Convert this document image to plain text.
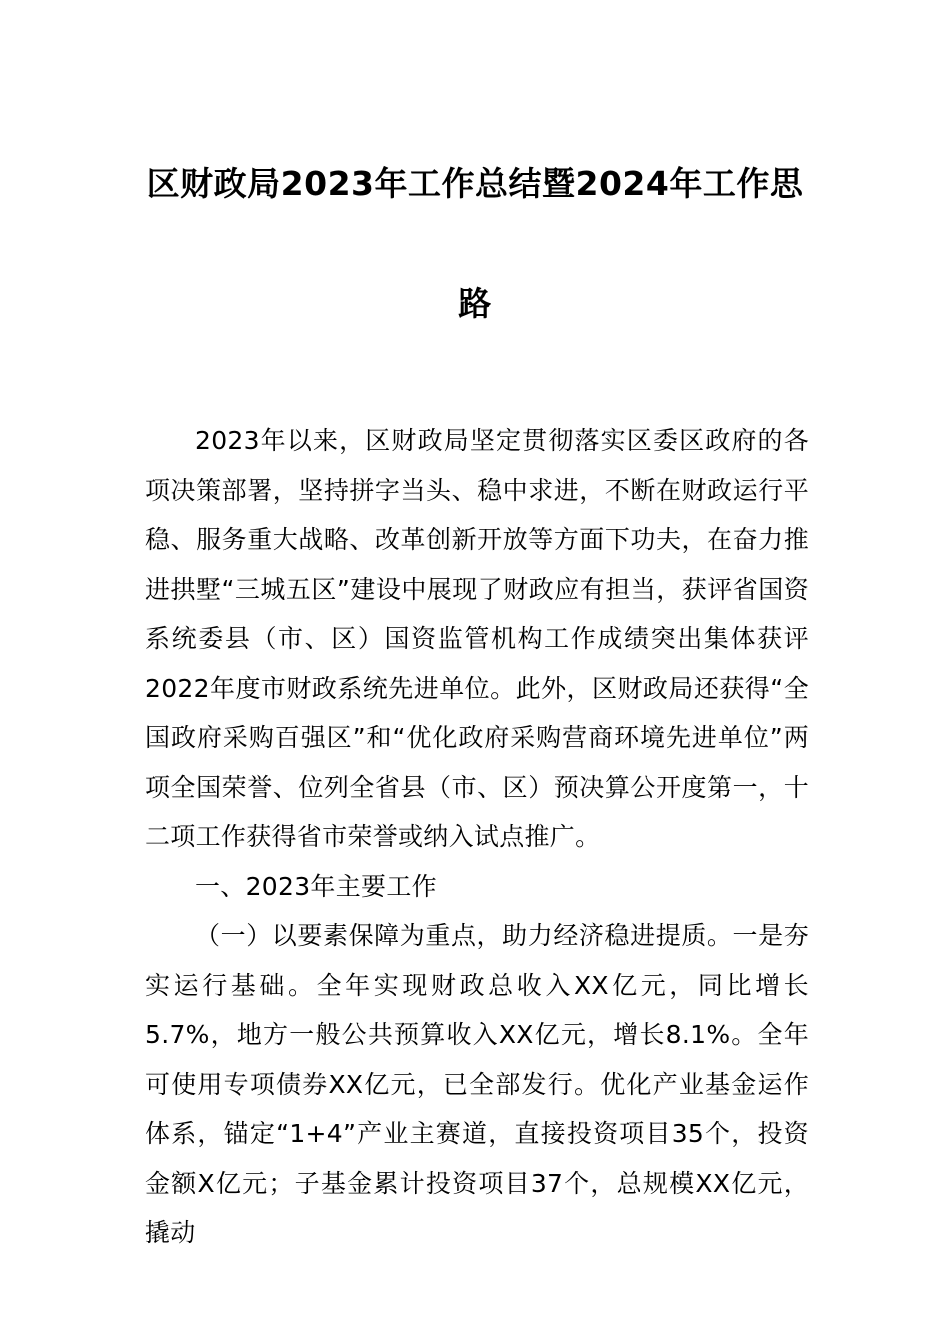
区财政局2023年工作总结暨2024年工作思
路

2023年以来，区财政局坚定贯彻落实区委区政府的各项决策部署，坚持拼字当头、稳中求进，不断在财政运行平稳、服务重大战略、改革创新开放等方面下功夫，在奋力推进拱墅“三城五区”建设中展现了财政应有担当，获评省国资系统委县（市、区）国资监管机构工作成绩突出集体获评2022年度市财政系统先进单位。此外，区财政局还获得“全国政府采购百强区”和“优化政府采购营商环境先进单位”两项全国荣誉、位列全省县（市、区）预决算公开度第一，十二项工作获得省市荣誉或纳入试点推广。

一、2023年主要工作

（一）以要素保障为重点，助力经济稳进提质。一是夯实运行基础。全年实现财政总收入XX亿元，同比增长5.7%，地方一般公共预算收入XX亿元，增长8.1%。全年可使用专项债券XX亿元，已全部发行。优化产业基金运作体系，锚定“1+4”产业主赛道，直接投资项目35个，投资金额X亿元；子基金累计投资项目37个，总规模XX亿元，撬动
